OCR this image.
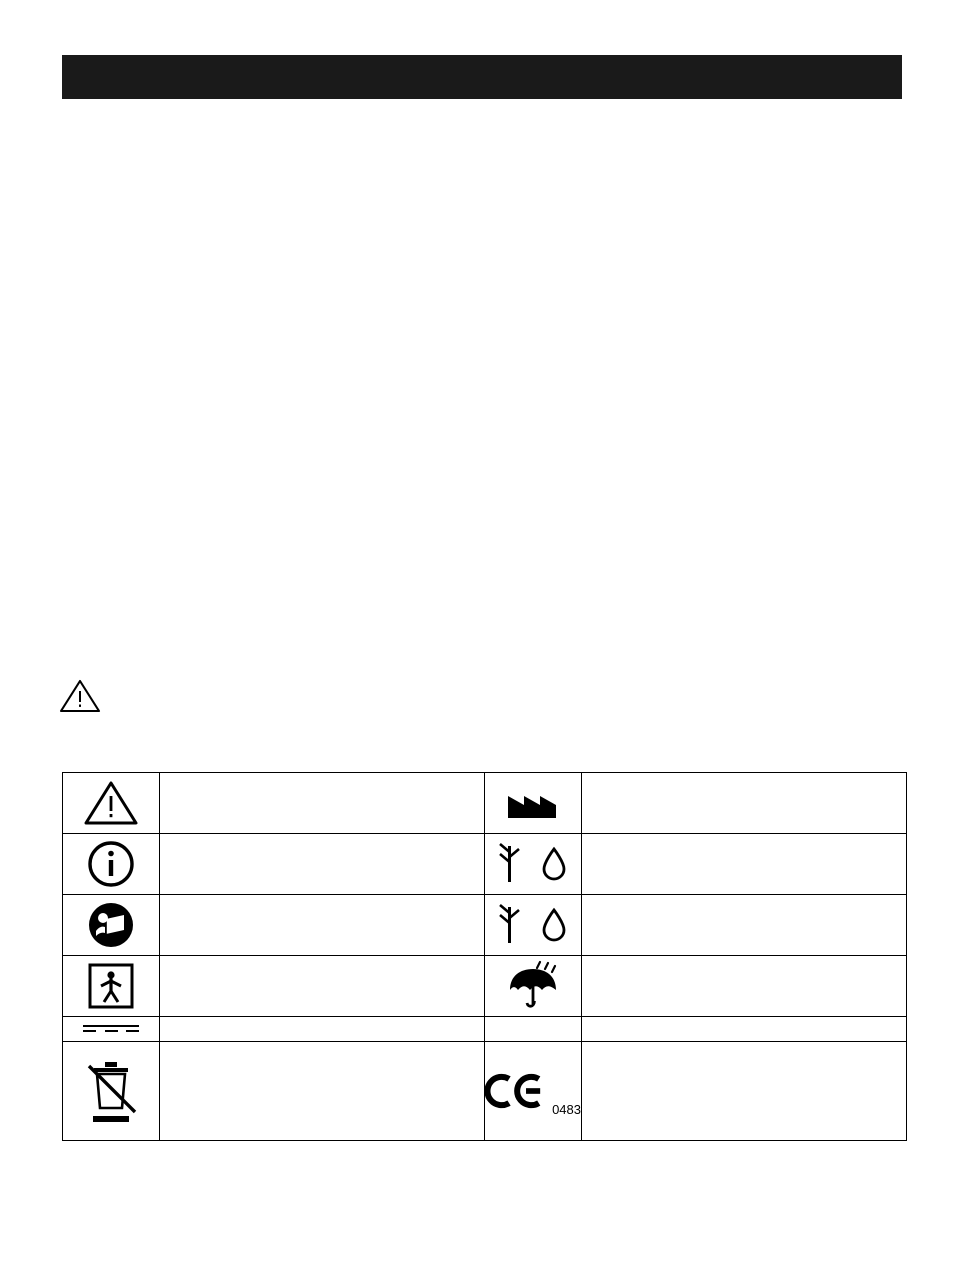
0483	
